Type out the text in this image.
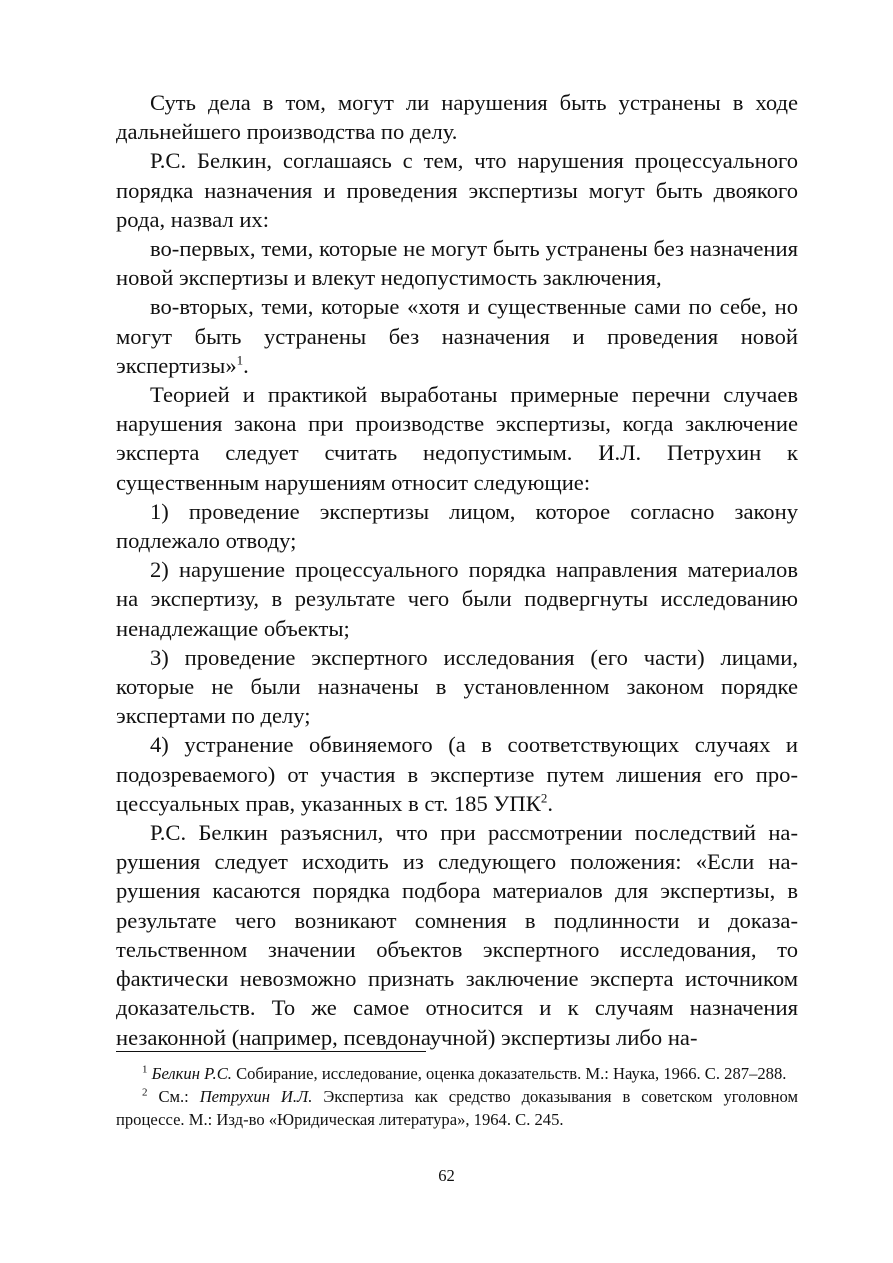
Суть дела в том, могут ли нарушения быть устранены в ходе дальнейшего производства по делу.

Р.С. Белкин, соглашаясь с тем, что нарушения процессуального порядка назначения и проведения экспертизы могут быть двоякого рода, назвал их:

во-первых, теми, которые не могут быть устранены без назначения новой экспертизы и влекут недопустимость заключения,

во-вторых, теми, которые «хотя и существенные сами по себе, но могут быть устранены без назначения и проведения новой экспертизы»$^1$.

Теорией и практикой выработаны примерные перечни случаев нарушения закона при производстве экспертизы, когда заключение эксперта следует считать недопустимым. И.Л. Петрухин к существенным нарушениям относит следующие:

1) проведение экспертизы лицом, которое согласно закону подлежало отводу;

2) нарушение процессуального порядка направления материалов на экспертизу, в результате чего были подвергнуты исследованию ненадлежащие объекты;

3) проведение экспертного исследования (его части) лицами, которые не были назначены в установленном законом порядке экспертами по делу;

4) устранение обвиняемого (а в соответствующих случаях и подозреваемого) от участия в экспертизе путем лишения его процессуальных прав, указанных в ст. 185 УПК$^2$.

Р.С. Белкин разъяснил, что при рассмотрении последствий нарушения следует исходить из следующего положения: «Если нарушения касаются порядка подбора материалов для экспертизы, в результате чего возникают сомнения в подлинности и доказательственном значении объектов экспертного исследования, то фактически невозможно признать заключение эксперта источником доказательств. То же самое относится и к случаям назначения незаконной (например, псевдонаучной) экспертизы либо на-

$^1$ Белкин Р.С. Собирание, исследование, оценка доказательств. М.: Наука, 1966. С. 287–288.

$^2$ См.: Петрухин И.Л. Экспертиза как средство доказывания в советском уголовном процессе. М.: Изд-во «Юридическая литература», 1964. С. 245.

62
